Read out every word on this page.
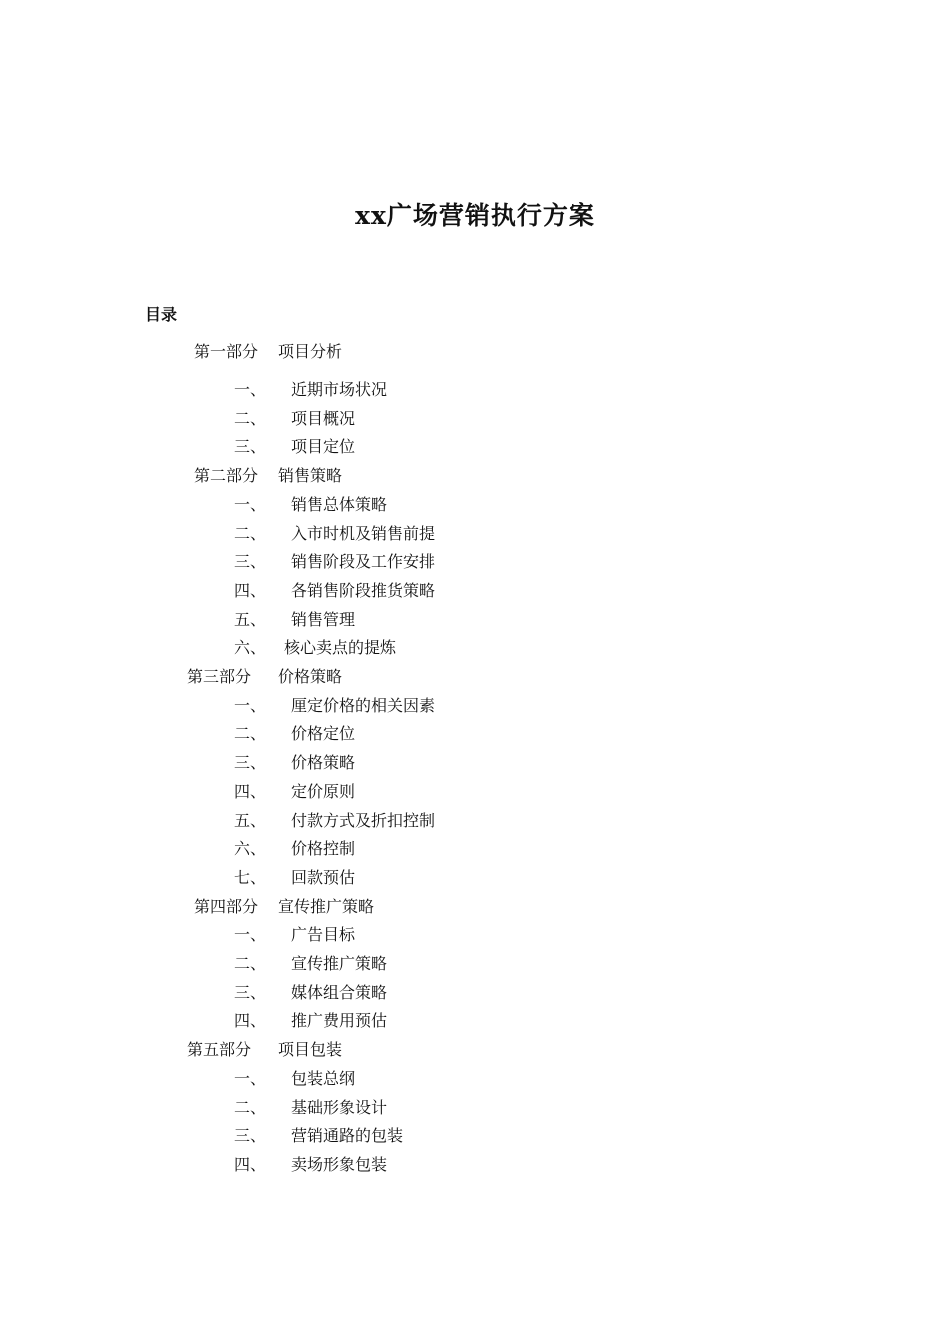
xx广场营销执行方案
目录
第一部分 项目分析
一、 近期市场状况
二、 项目概况
三、 项目定位
第二部分 销售策略
一、 销售总体策略
二、 入市时机及销售前提
三、 销售阶段及工作安排
四、 各销售阶段推货策略
五、 销售管理
六、 核心卖点的提炼
第三部分 价格策略
一、 厘定价格的相关因素
二、 价格定位
三、 价格策略
四、 定价原则
五、 付款方式及折扣控制
六、 价格控制
七、 回款预估
第四部分 宣传推广策略
一、 广告目标
二、 宣传推广策略
三、 媒体组合策略
四、 推广费用预估
第五部分 项目包装
一、 包装总纲
二、 基础形象设计
三、 营销通路的包装
四、 卖场形象包装
